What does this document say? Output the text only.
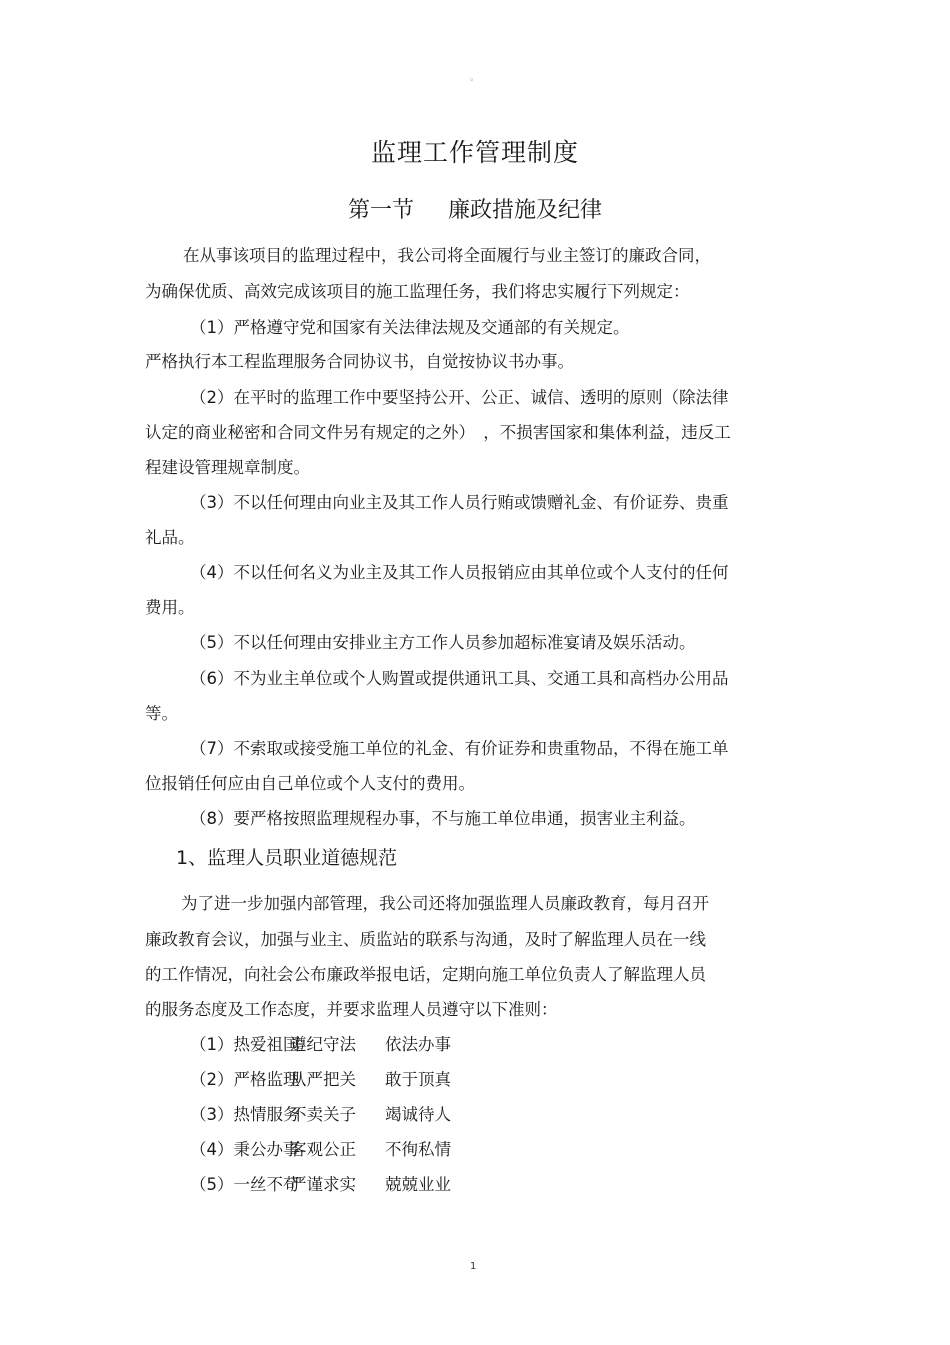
。
监理工作管理制度
第一节 廉政措施及纪律
在从事该项目的监理过程中，我公司将全面履行与业主签订的廉政合同，
为确保优质、高效完成该项目的施工监理任务，我们将忠实履行下列规定：
（1）严格遵守党和国家有关法律法规及交通部的有关规定。
严格执行本工程监理服务合同协议书，自觉按协议书办事。
（2）在平时的监理工作中要坚持公开、公正、诚信、透明的原则（除法律
认定的商业秘密和合同文件另有规定的之外）　，不损害国家和集体利益，违反工
程建设管理规章制度。
（3）不以任何理由向业主及其工作人员行贿或馈赠礼金、有价证券、贵重
礼品。
（4）不以任何名义为业主及其工作人员报销应由其单位或个人支付的任何
费用。
（5）不以任何理由安排业主方工作人员参加超标准宴请及娱乐活动。
（6）不为业主单位或个人购置或提供通讯工具、交通工具和高档办公用品
等。
（7）不索取或接受施工单位的礼金、有价证券和贵重物品，不得在施工单
位报销任何应由自己单位或个人支付的费用。
（8）要严格按照监理规程办事，不与施工单位串通，损害业主利益。
1、监理人员职业道德规范
为了进一步加强内部管理，我公司还将加强监理人员廉政教育，每月召开
廉政教育会议，加强与业主、质监站的联系与沟通，及时了解监理人员在一线
的工作情况，向社会公布廉政举报电话，定期向施工单位负责人了解监理人员
的服务态度及工作态度，并要求监理人员遵守以下准则：
（1）热爱祖国遵纪守法 依法办事
（2）严格监理从严把关 敢于顶真
（3）热情服务不卖关子 竭诚待人
（4）秉公办事客观公正 不徇私情
（5）一丝不苟严谨求实 兢兢业业
1
